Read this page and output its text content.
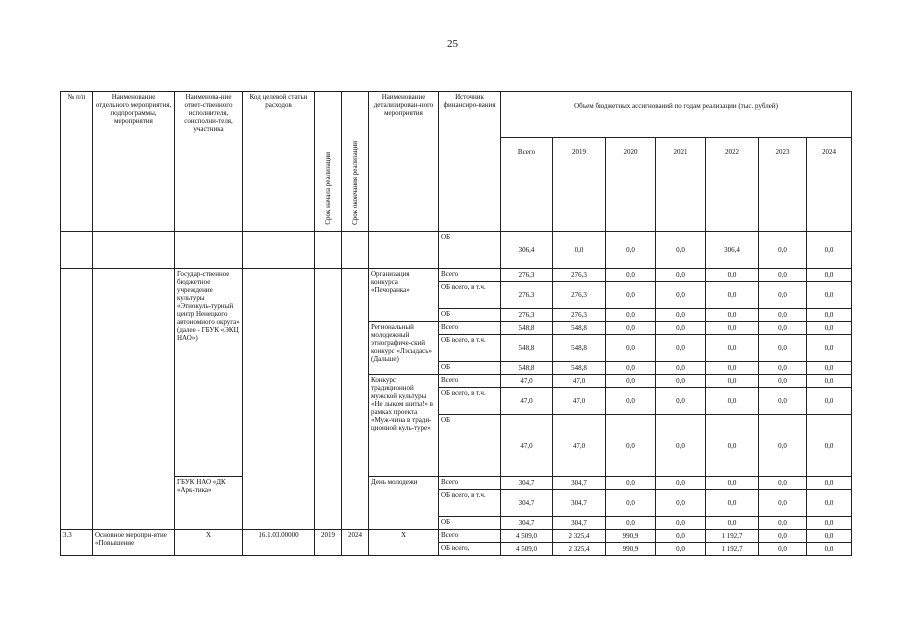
25
№ п/п	Наименование отдельного мероприятия, подпрограммы, мероприятия	Наименова-ние ответ-ственного исполнителя, соисполни-теля, участника	Код целевой статьи расходов	Срок начала реализации	Срок окончания реализации	Наименование детализирован-ного мероприятия	Источник финансиро-вания	Объем бюджетных ассигнований по годам реализации (тыс. рублей)						
								Всего	2019	2020	2021	2022	2023	2024
							ОБ	306,4	0,0	0,0	0,0	306,4	0,0	0,0
		Государ-ственное бюджетное учреждение культуры «Этнокуль-турный центр Ненецкого автономного округа» (далее - ГБУК «ЭКЦ НАО»)				Организация конкурса «Печоранка»	Всего	276,3	276,3	0,0	0,0	0,0	0,0	0,0
							ОБ всего, в т.ч.	276,3	276,3	0,0	0,0	0,0	0,0	0,0
							ОБ	276,3	276,3	0,0	0,0	0,0	0,0	0,0
						Региональный молодежный этнографиче-ский конкурс «Лэсыдась» (Дальше)	Всего	548,8	548,8	0,0	0,0	0,0	0,0	0,0
							ОБ всего, в т.ч.	548,8	548,8	0,0	0,0	0,0	0,0	0,0
							ОБ	548,8	548,8	0,0	0,0	0,0	0,0	0,0
						Конкурс традиционной мужской культуры «Не лыком шиты!» в рамках проекта «Муж-чина в тради-ционной куль-туре»	Всего	47,0	47,0	0,0	0,0	0,0	0,0	0,0
							ОБ всего, в т.ч.	47,0	47,0	0,0	0,0	0,0	0,0	0,0
							ОБ	47,0	47,0	0,0	0,0	0,0	0,0	0,0
		ГБУК НАО «ДК «Арк-тика»				День молодежи	Всего	304,7	304,7	0,0	0,0	0,0	0,0	0,0
							ОБ всего, в т.ч.	304,7	304,7	0,0	0,0	0,0	0,0	0,0
							ОБ	304,7	304,7	0,0	0,0	0,0	0,0	0,0
3.3	Основное меропри-ятие «Повышение	Х	16.1.03.00000	2019	2024	Х	Всего	4 509,0	2 325,4	990,9	0,0	1 192,7	0,0	0,0
							ОБ всего,	4 509,0	2 325,4	990,9	0,0	1 192,7	0,0	0,0
